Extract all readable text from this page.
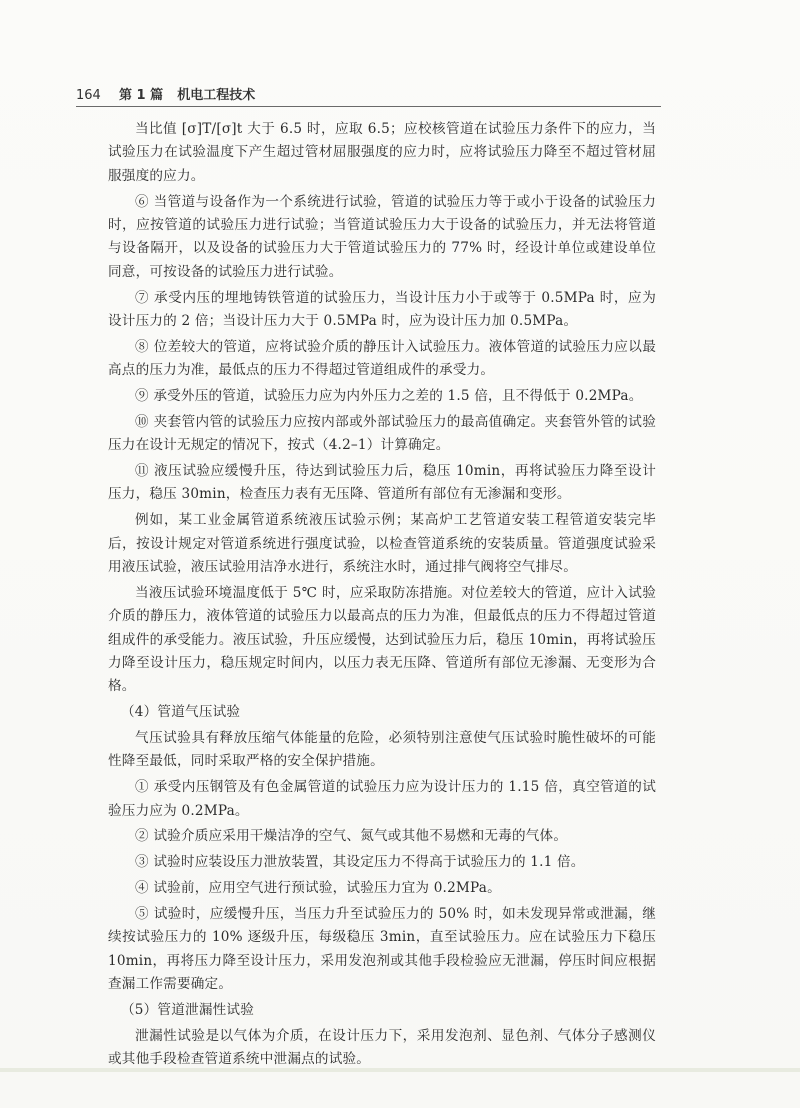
164 第 1 篇 机电工程技术

当比值 [σ]T/[σ]t 大于 6.5 时，应取 6.5；应校核管道在试验压力条件下的应力，当试验压力在试验温度下产生超过管材屈服强度的应力时，应将试验压力降至不超过管材屈服强度的应力。

⑥ 当管道与设备作为一个系统进行试验，管道的试验压力等于或小于设备的试验压力时，应按管道的试验压力进行试验；当管道试验压力大于设备的试验压力，并无法将管道与设备隔开，以及设备的试验压力大于管道试验压力的 77% 时，经设计单位或建设单位同意，可按设备的试验压力进行试验。

⑦ 承受内压的埋地铸铁管道的试验压力，当设计压力小于或等于 0.5MPa 时，应为设计压力的 2 倍；当设计压力大于 0.5MPa 时，应为设计压力加 0.5MPa。

⑧ 位差较大的管道，应将试验介质的静压计入试验压力。液体管道的试验压力应以最高点的压力为准，最低点的压力不得超过管道组成件的承受力。

⑨ 承受外压的管道，试验压力应为内外压力之差的 1.5 倍，且不得低于 0.2MPa。

⑩ 夹套管内管的试验压力应按内部或外部试验压力的最高值确定。夹套管外管的试验压力在设计无规定的情况下，按式（4.2–1）计算确定。

⑪ 液压试验应缓慢升压，待达到试验压力后，稳压 10min，再将试验压力降至设计压力，稳压 30min，检查压力表有无压降、管道所有部位有无渗漏和变形。

例如，某工业金属管道系统液压试验示例；某高炉工艺管道安装工程管道安装完毕后，按设计规定对管道系统进行强度试验，以检查管道系统的安装质量。管道强度试验采用液压试验，液压试验用洁净水进行，系统注水时，通过排气阀将空气排尽。

当液压试验环境温度低于 5℃ 时，应采取防冻措施。对位差较大的管道，应计入试验介质的静压力，液体管道的试验压力以最高点的压力为准，但最低点的压力不得超过管道组成件的承受能力。液压试验，升压应缓慢，达到试验压力后，稳压 10min，再将试验压力降至设计压力，稳压规定时间内，以压力表无压降、管道所有部位无渗漏、无变形为合格。

（4）管道气压试验

气压试验具有释放压缩气体能量的危险，必须特别注意使气压试验时脆性破坏的可能性降至最低，同时采取严格的安全保护措施。

① 承受内压钢管及有色金属管道的试验压力应为设计压力的 1.15 倍，真空管道的试验压力应为 0.2MPa。

② 试验介质应采用干燥洁净的空气、氮气或其他不易燃和无毒的气体。

③ 试验时应装设压力泄放装置，其设定压力不得高于试验压力的 1.1 倍。

④ 试验前，应用空气进行预试验，试验压力宜为 0.2MPa。

⑤ 试验时，应缓慢升压，当压力升至试验压力的 50% 时，如未发现异常或泄漏，继续按试验压力的 10% 逐级升压，每级稳压 3min，直至试验压力。应在试验压力下稳压 10min，再将压力降至设计压力，采用发泡剂或其他手段检验应无泄漏，停压时间应根据查漏工作需要确定。

（5）管道泄漏性试验

泄漏性试验是以气体为介质，在设计压力下，采用发泡剂、显色剂、气体分子感测仪或其他手段检查管道系统中泄漏点的试验。
